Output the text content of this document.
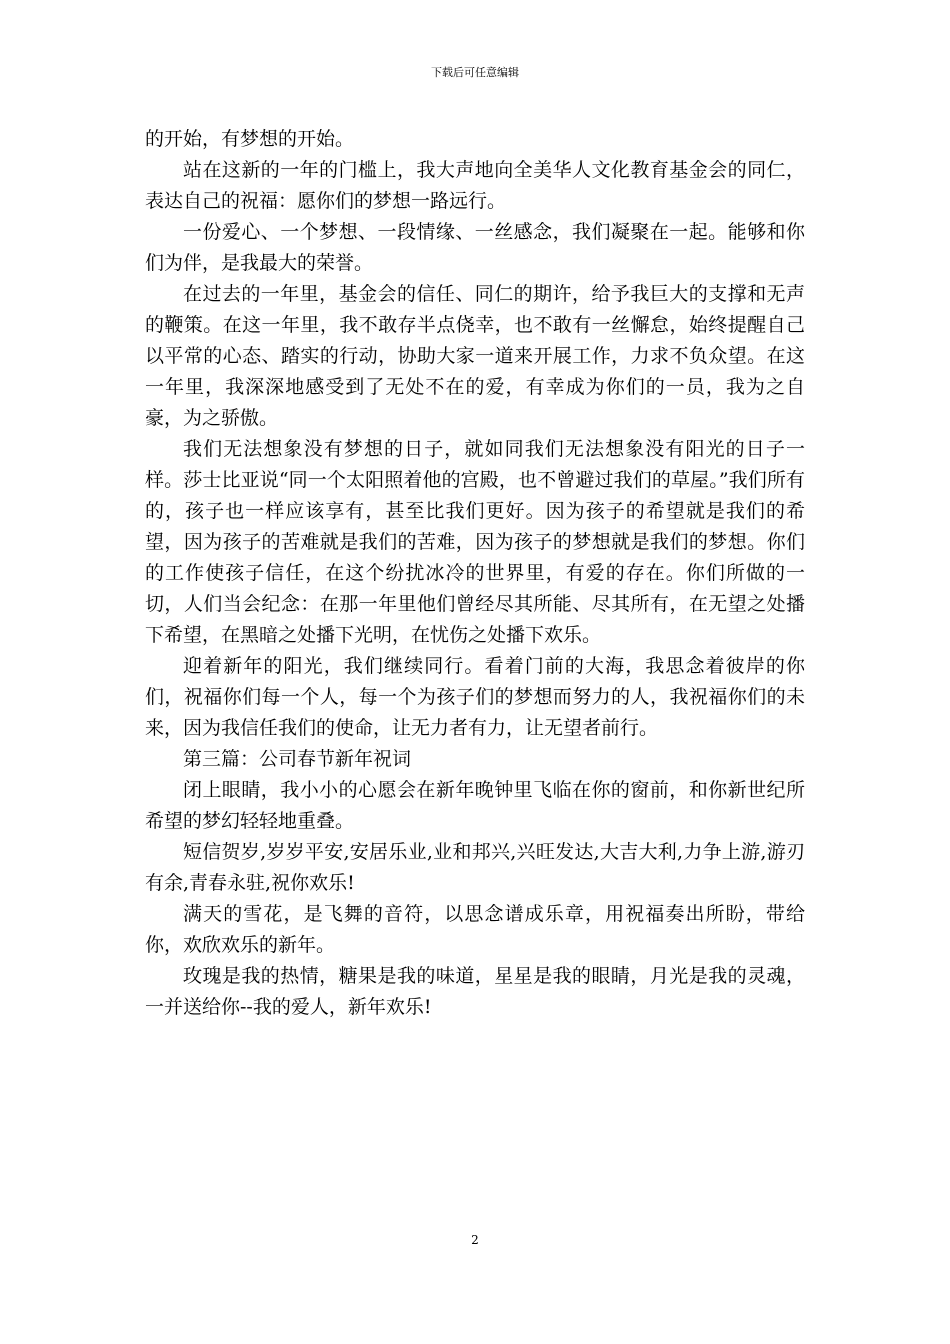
下载后可任意编辑

的开始，有梦想的开始。

站在这新的一年的门槛上，我大声地向全美华人文化教育基金会的同仁，表达自己的祝福：愿你们的梦想一路远行。

一份爱心、一个梦想、一段情缘、一丝感念，我们凝聚在一起。能够和你们为伴，是我最大的荣誉。

在过去的一年里，基金会的信任、同仁的期许，给予我巨大的支撑和无声的鞭策。在这一年里，我不敢存半点侥幸，也不敢有一丝懈怠，始终提醒自己以平常的心态、踏实的行动，协助大家一道来开展工作，力求不负众望。在这一年里，我深深地感受到了无处不在的爱，有幸成为你们的一员，我为之自豪，为之骄傲。

我们无法想象没有梦想的日子，就如同我们无法想象没有阳光的日子一样。莎士比亚说“同一个太阳照着他的宫殿，也不曾避过我们的草屋。”我们所有的，孩子也一样应该享有，甚至比我们更好。因为孩子的希望就是我们的希望，因为孩子的苦难就是我们的苦难，因为孩子的梦想就是我们的梦想。你们的工作使孩子信任，在这个纷扰冰冷的世界里，有爱的存在。你们所做的一切，人们当会纪念：在那一年里他们曾经尽其所能、尽其所有，在无望之处播下希望，在黑暗之处播下光明，在忧伤之处播下欢乐。

迎着新年的阳光，我们继续同行。看着门前的大海，我思念着彼岸的你们，祝福你们每一个人，每一个为孩子们的梦想而努力的人，我祝福你们的未来，因为我信任我们的使命，让无力者有力，让无望者前行。

第三篇：公司春节新年祝词

闭上眼睛，我小小的心愿会在新年晚钟里飞临在你的窗前，和你新世纪所希望的梦幻轻轻地重叠。

短信贺岁,岁岁平安,安居乐业,业和邦兴,兴旺发达,大吉大利,力争上游,游刃有余,青春永驻,祝你欢乐!

满天的雪花，是飞舞的音符，以思念谱成乐章，用祝福奏出所盼，带给你，欢欣欢乐的新年。

玫瑰是我的热情，糖果是我的味道，星星是我的眼睛，月光是我的灵魂，一并送给你--我的爱人，新年欢乐!

2
